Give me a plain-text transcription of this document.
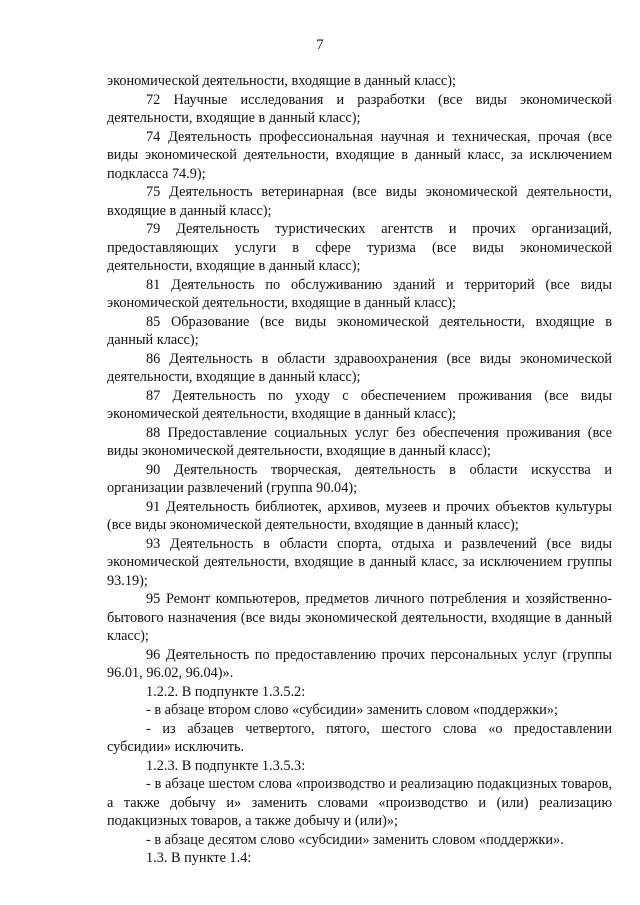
7

экономической деятельности, входящие в данный класс);

72 Научные исследования и разработки (все виды экономической деятельности, входящие в данный класс);

74 Деятельность профессиональная научная и техническая, прочая (все виды экономической деятельности, входящие в данный класс, за исключением подкласса 74.9);

75 Деятельность ветеринарная (все виды экономической деятельности, входящие в данный класс);

79 Деятельность туристических агентств и прочих организаций, предоставляющих услуги в сфере туризма (все виды экономической деятельности, входящие в данный класс);

81 Деятельность по обслуживанию зданий и территорий (все виды экономической деятельности, входящие в данный класс);

85 Образование (все виды экономической деятельности, входящие в данный класс);

86 Деятельность в области здравоохранения (все виды экономической деятельности, входящие в данный класс);

87 Деятельность по уходу с обеспечением проживания (все виды экономической деятельности, входящие в данный класс);

88 Предоставление социальных услуг без обеспечения проживания (все виды экономической деятельности, входящие в данный класс);

90 Деятельность творческая, деятельность в области искусства и организации развлечений (группа 90.04);

91 Деятельность библиотек, архивов, музеев и прочих объектов культуры (все виды экономической деятельности, входящие в данный класс);

93 Деятельность в области спорта, отдыха и развлечений (все виды экономической деятельности, входящие в данный класс, за исключением группы 93.19);

95 Ремонт компьютеров, предметов личного потребления и хозяйственно-бытового назначения (все виды экономической деятельности, входящие в данный класс);

96 Деятельность по предоставлению прочих персональных услуг (группы 96.01, 96.02, 96.04)».

1.2.2. В подпункте 1.3.5.2:

- в абзаце втором слово «субсидии» заменить словом «поддержки»;

- из абзацев четвертого, пятого, шестого слова «о предоставлении субсидии» исключить.

1.2.3. В подпункте 1.3.5.3:

- в абзаце шестом слова «производство и реализацию подакцизных товаров, а также добычу и» заменить словами «производство и (или) реализацию подакцизных товаров, а также добычу и (или)»;

- в абзаце десятом слово «субсидии» заменить словом «поддержки».

1.3. В пункте 1.4:
